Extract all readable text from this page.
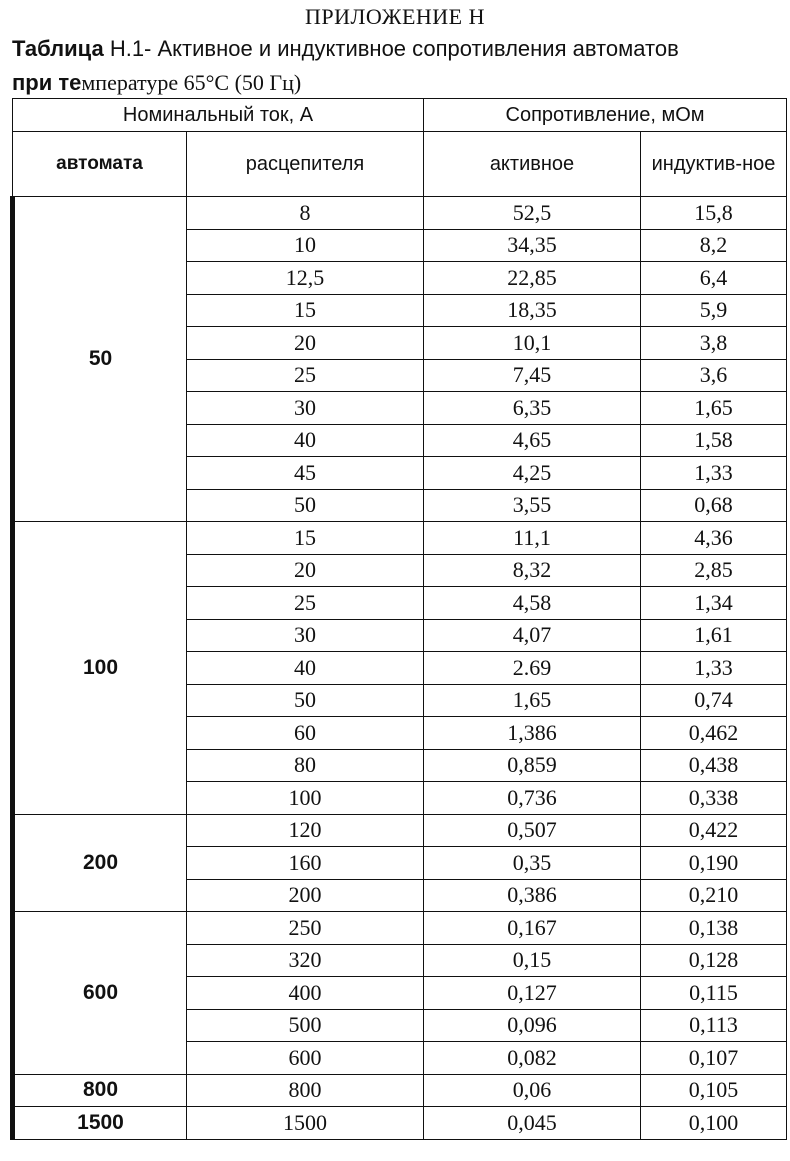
ПРИЛОЖЕНИЕ Н
Таблица Н.1- Активное и индуктивное сопротивления автоматов
при температуре 65°С (50 Гц)
Номинальный ток, А		Сопротивление, мОм	
автомата	расцепителя	активное	индуктив-ное
50	8	52,5	15,8
	10	34,35	8,2
	12,5	22,85	6,4
	15	18,35	5,9
	20	10,1	3,8
	25	7,45	3,6
	30	6,35	1,65
	40	4,65	1,58
	45	4,25	1,33
	50	3,55	0,68
100	15	11,1	4,36
	20	8,32	2,85
	25	4,58	1,34
	30	4,07	1,61
	40	2.69	1,33
	50	1,65	0,74
	60	1,386	0,462
	80	0,859	0,438
	100	0,736	0,338
200	120	0,507	0,422
	160	0,35	0,190
	200	0,386	0,210
600	250	0,167	0,138
	320	0,15	0,128
	400	0,127	0,115
	500	0,096	0,113
	600	0,082	0,107
800	800	0,06	0,105
1500	1500	0,045	0,100
